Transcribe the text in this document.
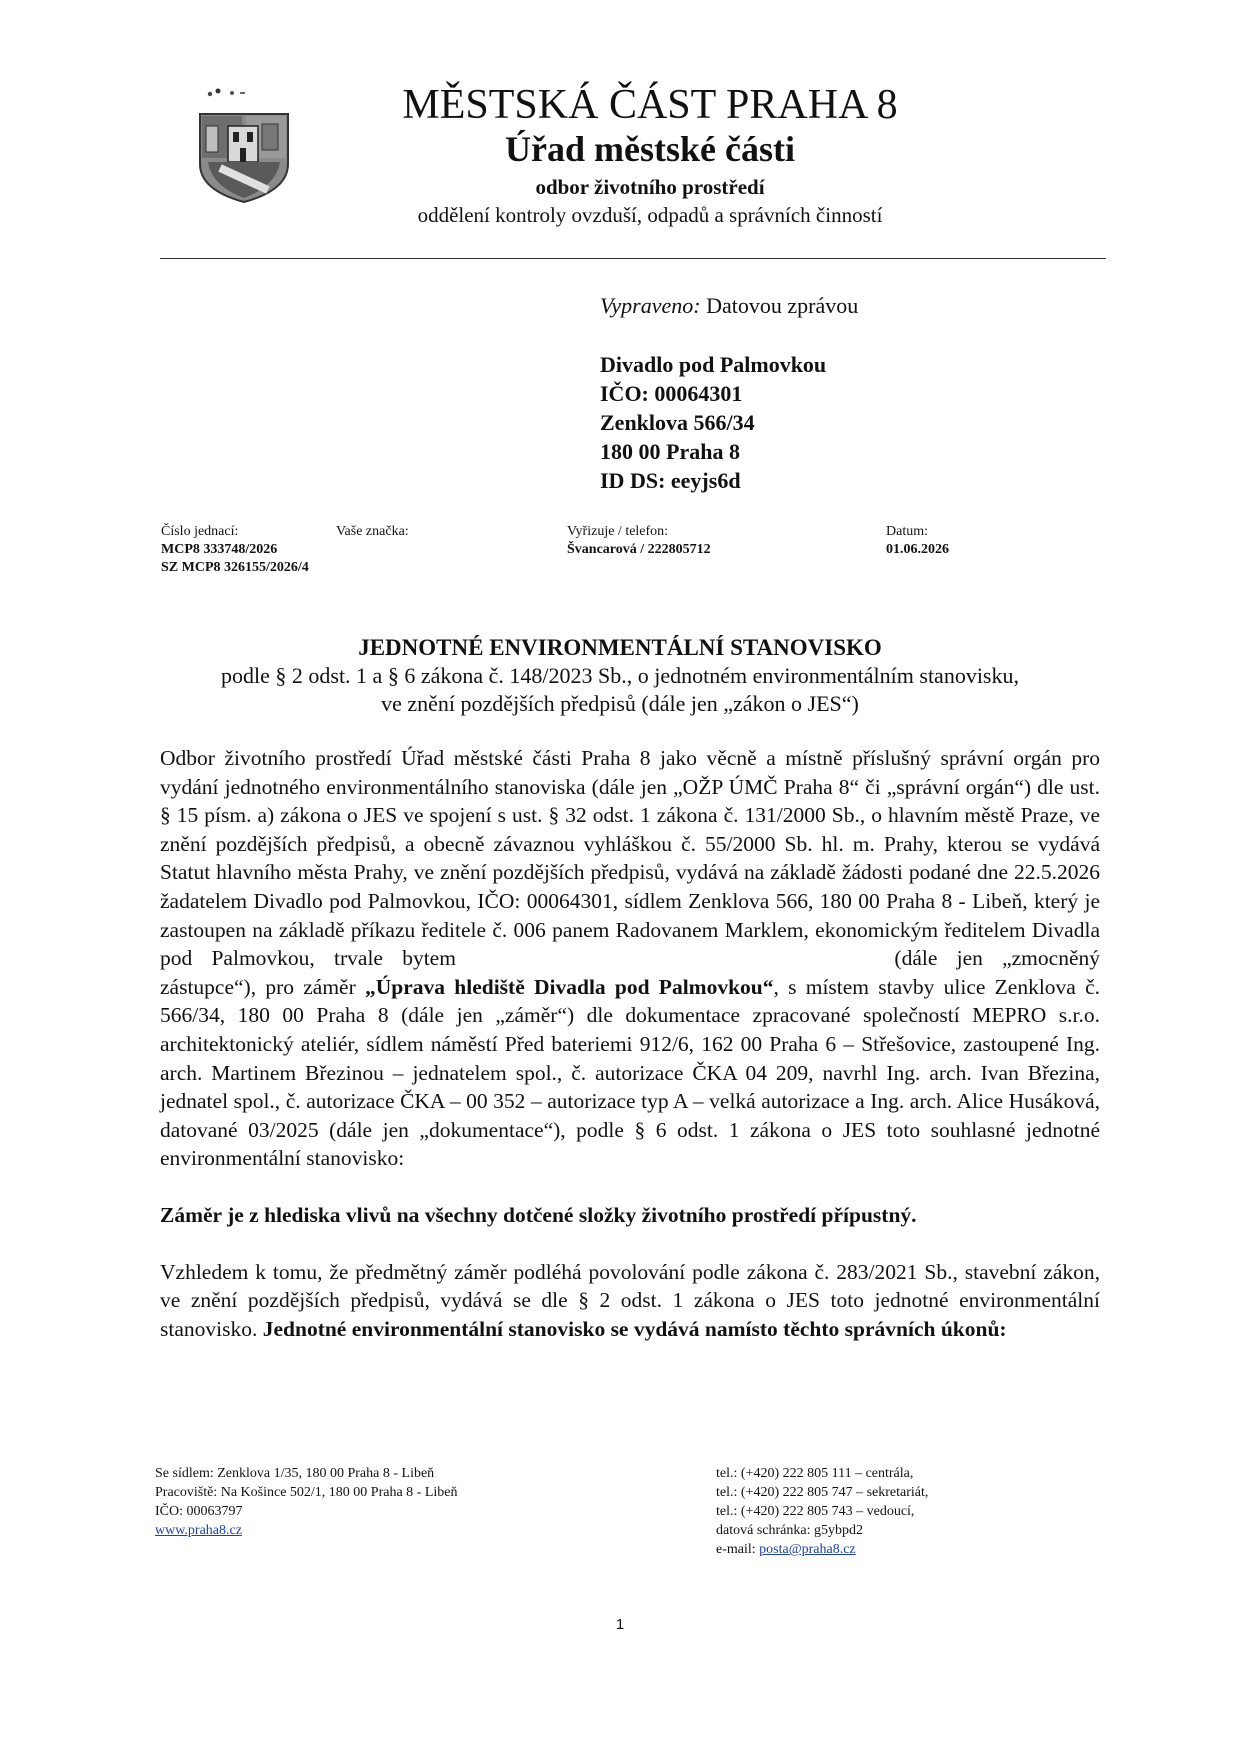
MĚSTSKÁ ČÁST PRAHA 8
Úřad městské části
odbor životního prostředí
oddělení kontroly ovzduší, odpadů a správních činností
Vypraveno: Datovou zprávou
Divadlo pod Palmovkou
IČO: 00064301
Zenklova 566/34
180 00 Praha 8
ID DS: eeyjs6d
Číslo jednací:
MCP8 333748/2026
SZ MCP8 326155/2026/4
Vaše značka:	Vyřizuje / telefon:
Švancarová / 222805712
Datum:
01.06.2026
JEDNOTNÉ ENVIRONMENTÁLNÍ STANOVISKO
podle § 2 odst. 1 a § 6 zákona č. 148/2023 Sb., o jednotném environmentálním stanovisku,
ve znění pozdějších předpisů (dále jen „zákon o JES“)

Odbor životního prostředí Úřad městské části Praha 8 jako věcně a místně příslušný správní orgán pro vydání jednotného environmentálního stanoviska (dále jen „OŽP ÚMČ Praha 8“ či „správní orgán“) dle ust. § 15 písm. a) zákona o JES ve spojení s ust. § 32 odst. 1 zákona č. 131/2000 Sb., o hlavním městě Praze, ve znění pozdějších předpisů, a obecně závaznou vyhláškou č. 55/2000 Sb. hl. m. Prahy, kterou se vydává Statut hlavního města Prahy, ve znění pozdějších předpisů, vydává na základě žádosti podané dne 22.5.2026 žadatelem Divadlo pod Palmovkou, IČO: 00064301, sídlem Zenklova 566, 180 00 Praha 8 - Libeň, který je zastoupen na základě příkazu ředitele č. 006 panem Radovanem Marklem, ekonomickým ředitelem Divadla pod Palmovkou, trvale bytem	(dále jen „zmocněný zástupce“), pro záměr „Úprava hlediště Divadla pod Palmovkou“, s místem stavby ulice Zenklova č. 566/34, 180 00 Praha 8 (dále jen „záměr“) dle dokumentace zpracované společností MEPRO s.r.o. architektonický ateliér, sídlem náměstí Před bateriemi 912/6, 162 00 Praha 6 – Střešovice, zastoupené Ing. arch. Martinem Březinou – jednatelem spol., č. autorizace ČKA 04 209, navrhl Ing. arch. Ivan Březina, jednatel spol., č. autorizace ČKA – 00 352 – autorizace typ A – velká autorizace a Ing. arch. Alice Husáková, datované 03/2025 (dále jen „dokumentace“), podle § 6 odst. 1 zákona o JES toto souhlasné jednotné environmentální stanovisko:

Záměr je z hlediska vlivů na všechny dotčené složky životního prostředí přípustný.

Vzhledem k tomu, že předmětný záměr podléhá povolování podle zákona č. 283/2021 Sb., stavební zákon, ve znění pozdějších předpisů, vydává se dle § 2 odst. 1 zákona o JES toto jednotné environmentální stanovisko. Jednotné environmentální stanovisko se vydává namísto těchto správních úkonů:

Se sídlem: Zenklova 1/35, 180 00 Praha 8 - Libeň
Pracoviště: Na Košince 502/1, 180 00 Praha 8 - Libeň
IČO: 00063797
www.praha8.cz
tel.: (+420) 222 805 111 – centrála,
tel.: (+420) 222 805 747 – sekretariát,
tel.: (+420) 222 805 743 – vedoucí,
datová schránka: g5ybpd2
e-mail: posta@praha8.cz
1
